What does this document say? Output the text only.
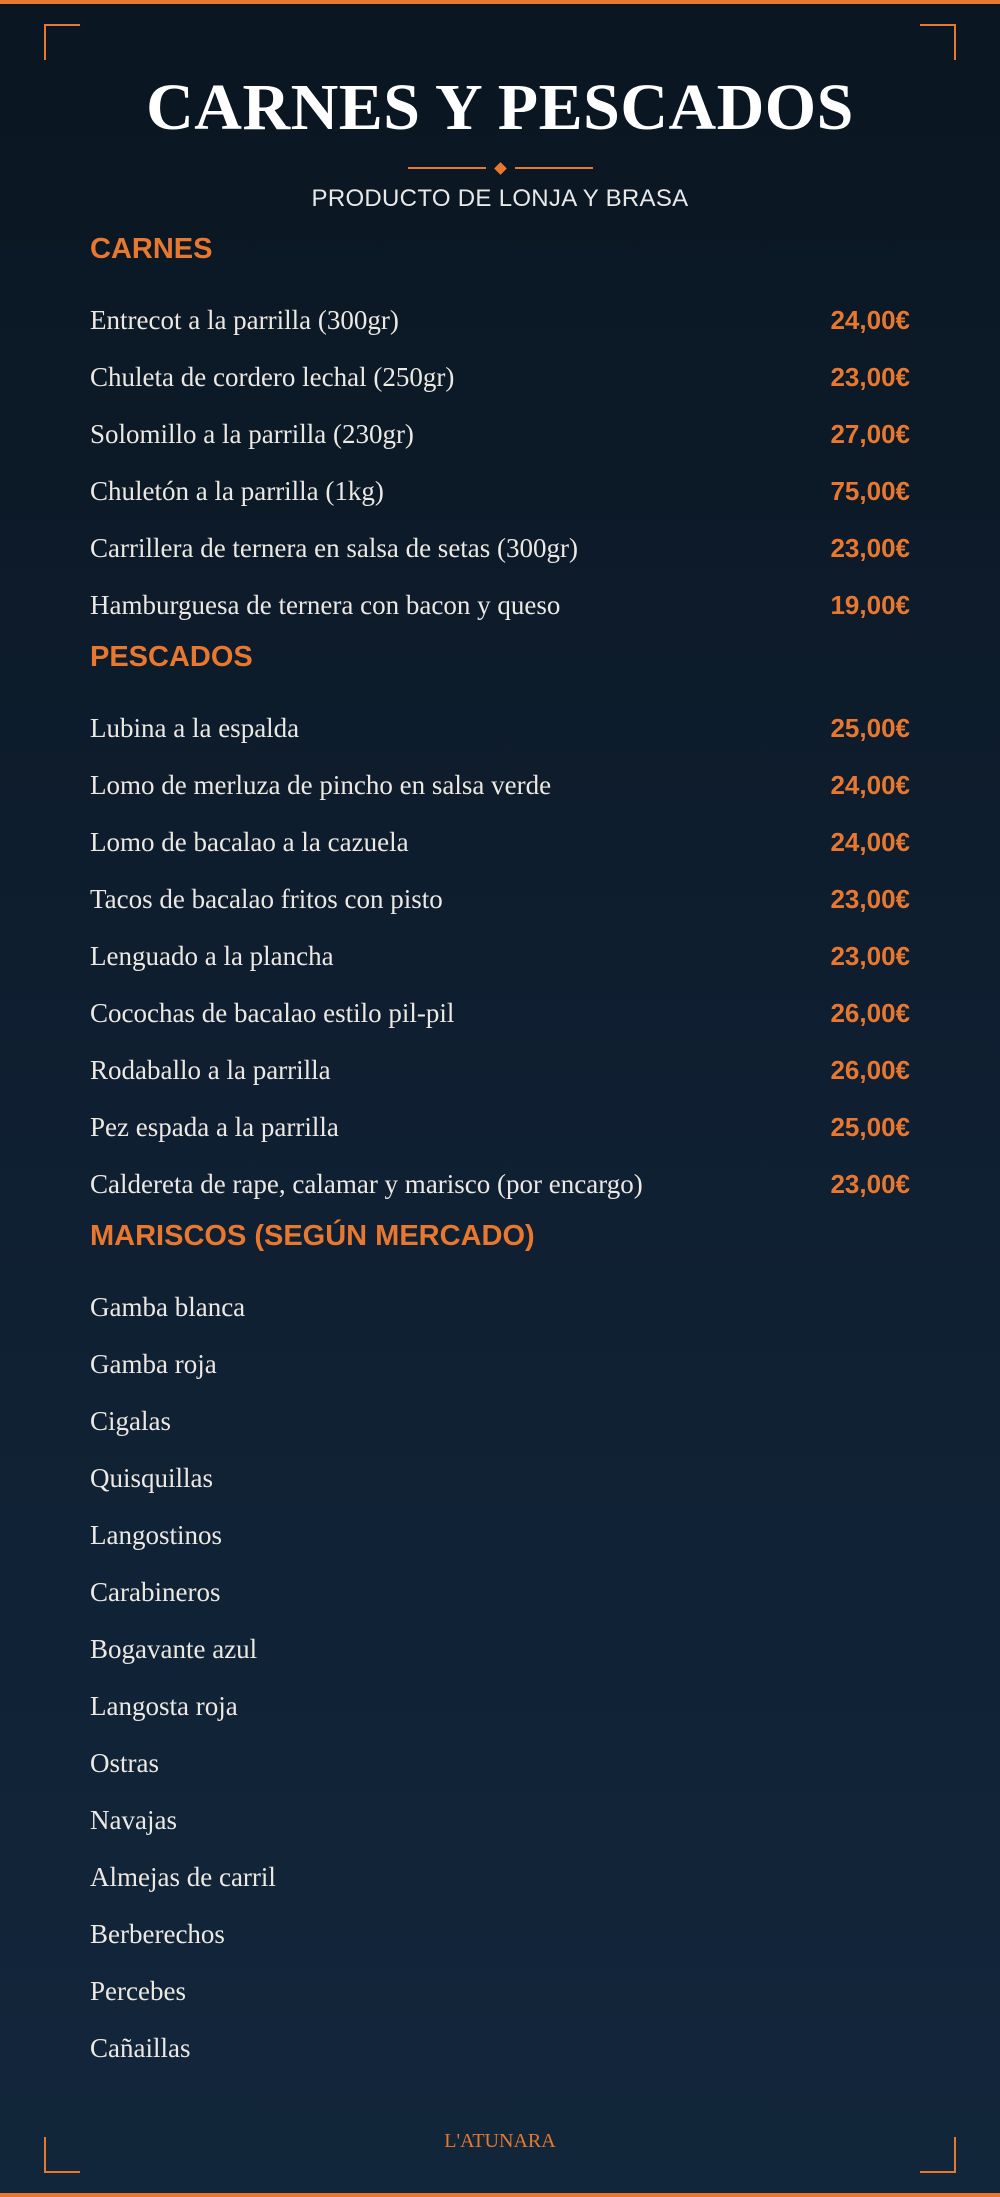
CARNES Y PESCADOS
PRODUCTO DE LONJA Y BRASA
CARNES
Entrecot a la parrilla (300gr)	24,00€
Chuleta de cordero lechal (250gr)	23,00€
Solomillo a la parrilla (230gr)	27,00€
Chuletón a la parrilla (1kg)	75,00€
Carrillera de ternera en salsa de setas (300gr)	23,00€
Hamburguesa de ternera con bacon y queso	19,00€
PESCADOS
Lubina a la espalda	25,00€
Lomo de merluza de pincho en salsa verde	24,00€
Lomo de bacalao a la cazuela	24,00€
Tacos de bacalao fritos con pisto	23,00€
Lenguado a la plancha	23,00€
Cocochas de bacalao estilo pil-pil	26,00€
Rodaballo a la parrilla	26,00€
Pez espada a la parrilla	25,00€
Caldereta de rape, calamar y marisco (por encargo)	23,00€
MARISCOS (SEGÚN MERCADO)
Gamba blanca
Gamba roja
Cigalas
Quisquillas
Langostinos
Carabineros
Bogavante azul
Langosta roja
Ostras
Navajas
Almejas de carril
Berberechos
Percebes
Cañaillas
L'ATUNARA
